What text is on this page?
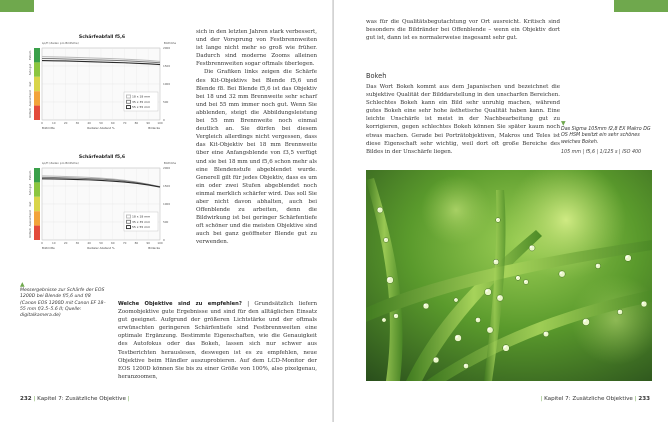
Schärfeabfall f5,6
Lp/H (Zeilen pro Bildhöhe)	Bildhöhe
Extrem
Sehr gut
Gut
Ausreichend
Kritisch
0
500
1000
1500
2000
0	10	20	30	40	50	60	70	80	90	100
18 x 18 mm
35 x 35 mm
55 x 55 mm
Bildmitte	Radialer Abstand %	Bildecke
Schärfeabfall f5,6
Lp/H (Zeilen pro Bildhöhe)	Bildhöhe
Extrem
Sehr gut
Gut
Ausreichend
Kritisch
0
500
1000
1500
2000
0	10	20	30	40	50	60	70	80	90	100
18 x 18 mm
35 x 35 mm
55 x 55 mm
Bildmitte	Radialer Abstand %	Bildecke
▲
Messergebnisse zur Schärfe der EOS 1200D bei Blende f/5,6 und f/8 (Canon EOS 1200D mit Canon EF 18–55 mm f/3.5–5.6 II; Quelle: digitalkamera.de)

sich in den letzten Jahren stark verbessert, und der Vorsprung von Festbrennweiten ist lange nicht mehr so groß wie früher. Dadurch sind moderne Zooms alleinen Festbrennweiten sogar oftmals überlegen.

Die Grafiken links zeigen die Schärfe des Kit-Objektivs bei Blende f5,6 und Blende f8. Bei Blende f5,6 ist das Objektiv bei 18 und 32 mm Brennweite sehr scharf und bei 55 mm immer noch gut. Wenn Sie abblenden, steigt die Abbildungsleistung bei 55 mm Brennweite noch einmal deutlich an. Sie dürfen bei diesem Vergleich allerdings nicht vergessen, dass das Kit-Objektiv bei 18 mm Brennweite über eine Anfangsblende von f3,5 verfügt und sie bei 18 mm und f5,6 schon mehr als eine Blendenstufe abgeblendet wurde. Generell gilt für jedes Objektiv, dass es um ein oder zwei Stufen abgeblendet noch einmal merklich schärfer wird. Das soll Sie aber nicht davon abhalten, auch bei Offenblende zu arbeiten, denn die Bildwirkung ist bei geringer Schärfentiefe oft schöner und die meisten Objektive sind auch bei ganz geöffneter Blende gut zu verwenden.

Welche Objektive sind zu empfehlen? | Grundsätzlich liefern Zoomobjektive gute Ergebnisse und sind für den alltäglichen Einsatz gut geeignet. Aufgrund der größeren Lichtstärke und der oftmals erwünschten geringeren Schärfentiefe sind Festbrennweiten eine optimale Ergänzung. Bestimmte Eigenschaften, wie die Genauigkeit des Autofokus oder das Bokeh, lassen sich nur schwer aus Testberichten herauslesen, deswegen ist es zu empfehlen, neue Objektive beim Händler auszuprobieren. Auf dem LCD-Monitor der EOS 1200D können Sie bis zu einer Größe von 100%, also pixelgenau, heranzoomen,

232 | Kapitel 7: Zusätzliche Objektive |

was für die Qualitätsbegutachtung vor Ort ausreicht. Kritisch sind besonders die Bildränder bei Offenblende – wenn ein Objektiv dort gut ist, dann ist es normalerweise insgesamt sehr gut.

Bokeh

Das Wort Bokeh kommt aus dem Japanischen und bezeichnet die subjektive Qualität der Bilddarstellung in den unscharfen Bereichen. Schlechtes Bokeh kann ein Bild sehr unruhig machen, während gutes Bokeh eine sehr hohe ästhetische Qualität haben kann. Eine leichte Unschärfe ist meist in der Nachbearbeitung gut zu korrigieren, gegen schlechtes Bokeh können Sie später kaum noch etwas machen. Gerade bei Porträtobjektiven, Makros und Teles ist diese Eigenschaft sehr wichtig, weil dort oft große Bereiche des Bildes in der Unschärfe liegen.

▼
Das Sigma 105mm f2,8 EX Makro DG OS HSM besitzt ein sehr schönes weiches Bokeh.
105 mm | f5,6 | 1/125 s | ISO 400
| Kapitel 7: Zusätzliche Objektive | 233
